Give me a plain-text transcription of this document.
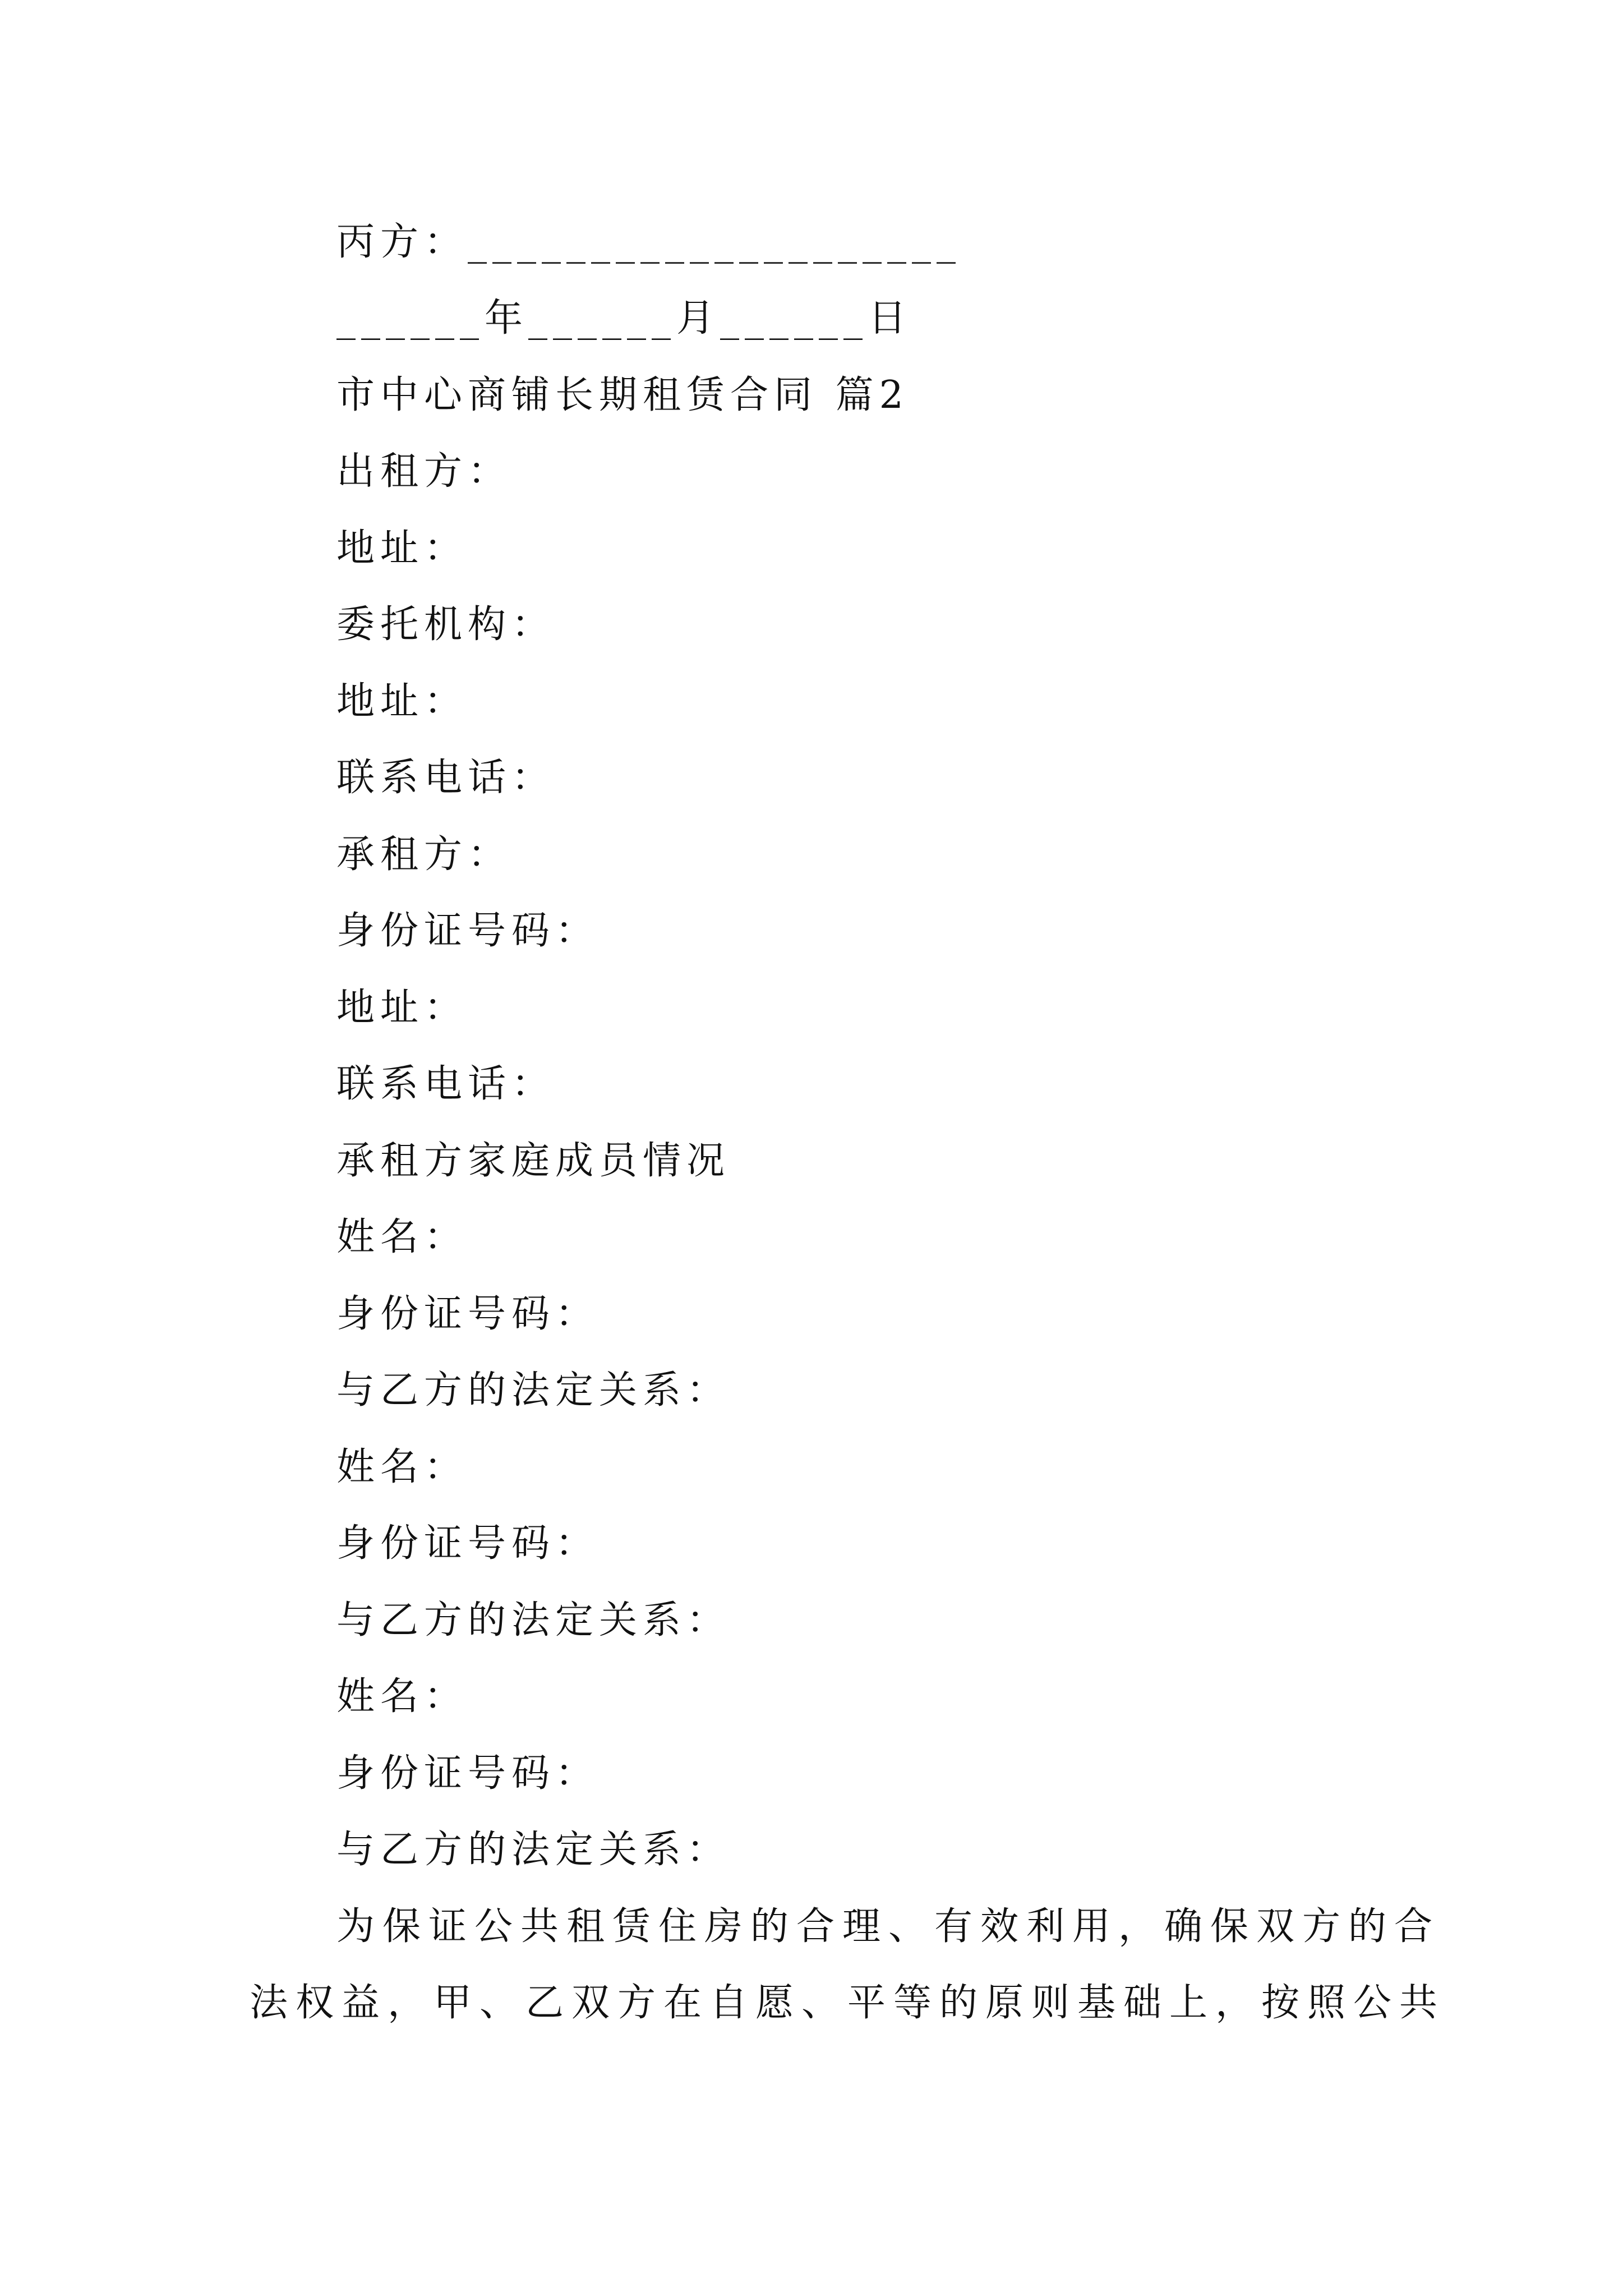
丙方：____________________
______年______月______日
市中心商铺长期租赁合同 篇2
出租方：
地址：
委托机构：
地址：
联系电话：
承租方：
身份证号码：
地址：
联系电话：
承租方家庭成员情况
姓名：
身份证号码：
与乙方的法定关系：
姓名：
身份证号码：
与乙方的法定关系：
姓名：
身份证号码：
与乙方的法定关系：
为保证公共租赁住房的合理、有效利用，确保双方的合
法权益，甲、乙双方在自愿、平等的原则基础上，按照公共
